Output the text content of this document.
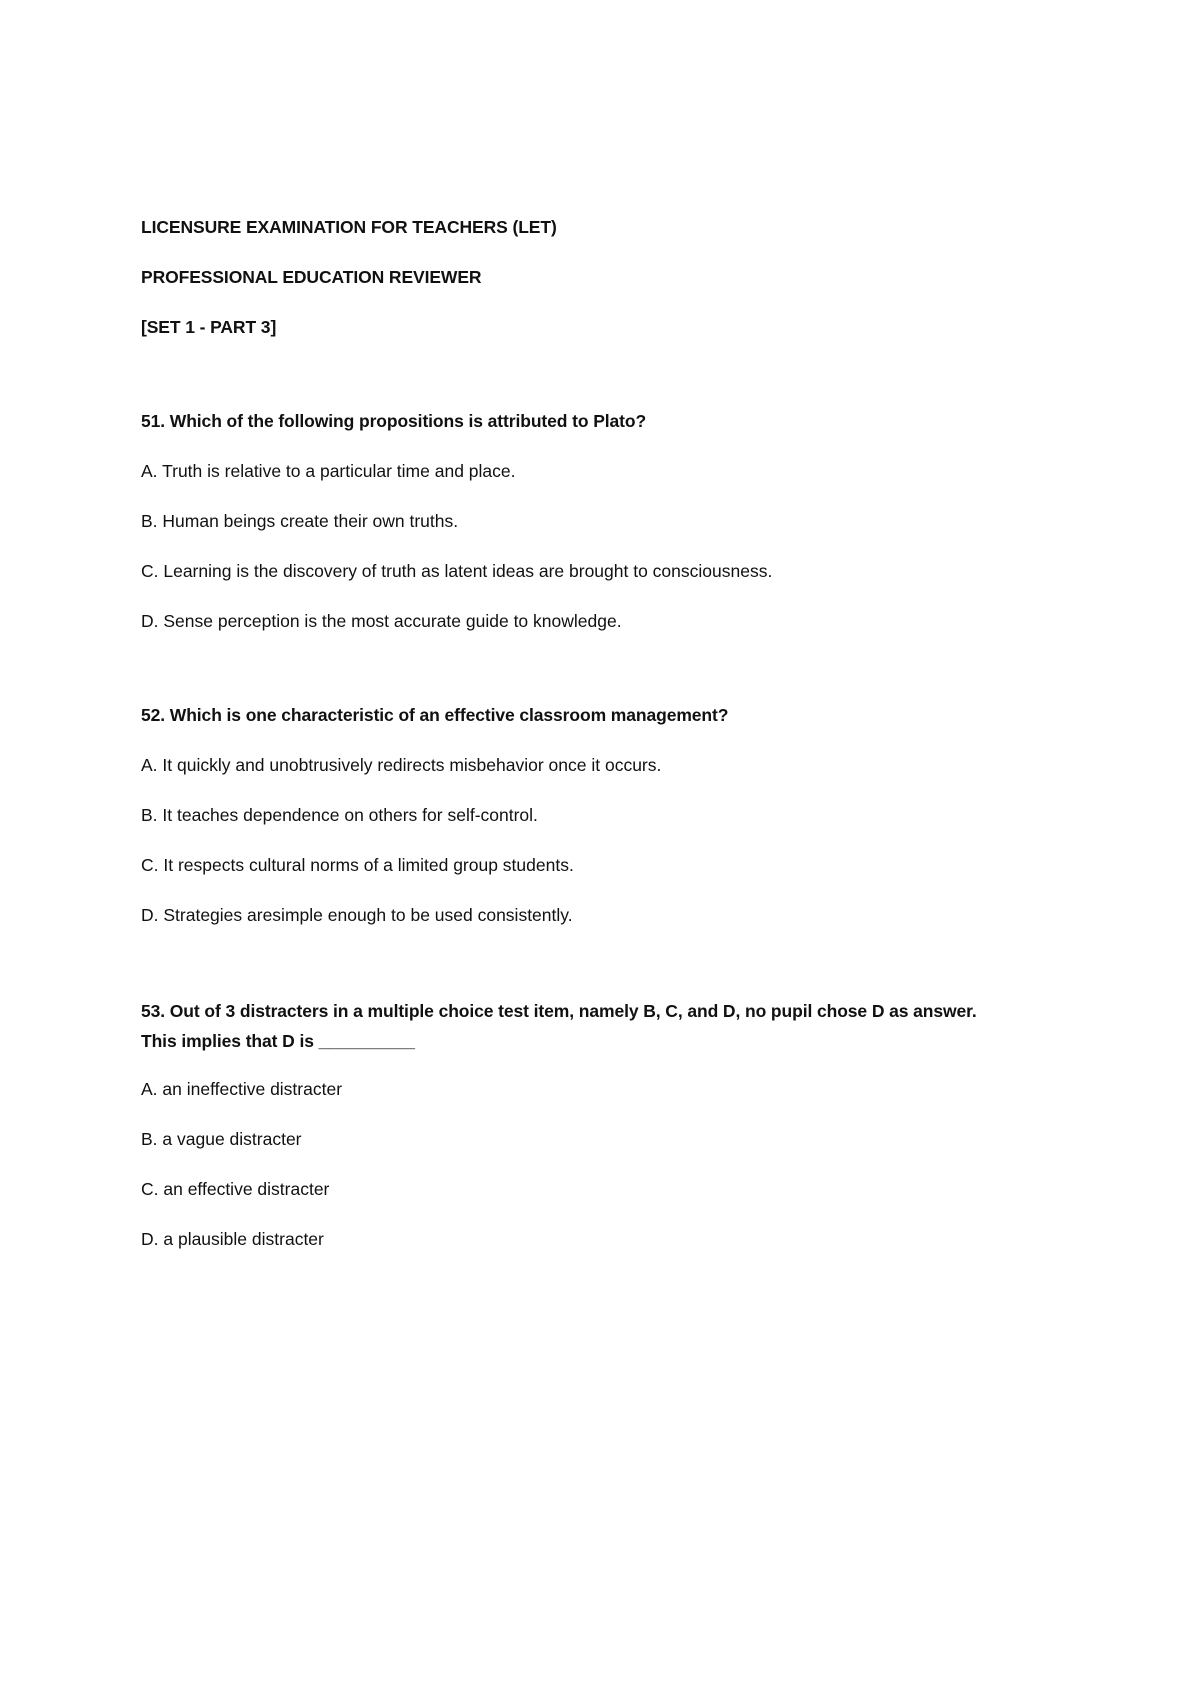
LICENSURE EXAMINATION FOR TEACHERS (LET)
PROFESSIONAL EDUCATION REVIEWER
[SET 1 - PART 3]
51. Which of the following propositions is attributed to Plato?
A. Truth is relative to a particular time and place.
B. Human beings create their own truths.
C. Learning is the discovery of truth as latent ideas are brought to consciousness.
D. Sense perception is the most accurate guide to knowledge.
52. Which is one characteristic of an effective classroom management?
A. It quickly and unobtrusively redirects misbehavior once it occurs.
B. It teaches dependence on others for self-control.
C. It respects cultural norms of a limited group students.
D. Strategies aresimple enough to be used consistently.
53. Out of 3 distracters in a multiple choice test item, namely B, C, and D, no pupil chose D as answer.
This implies that D is __________
A. an ineffective distracter
B. a vague distracter
C. an effective distracter
D. a plausible distracter
